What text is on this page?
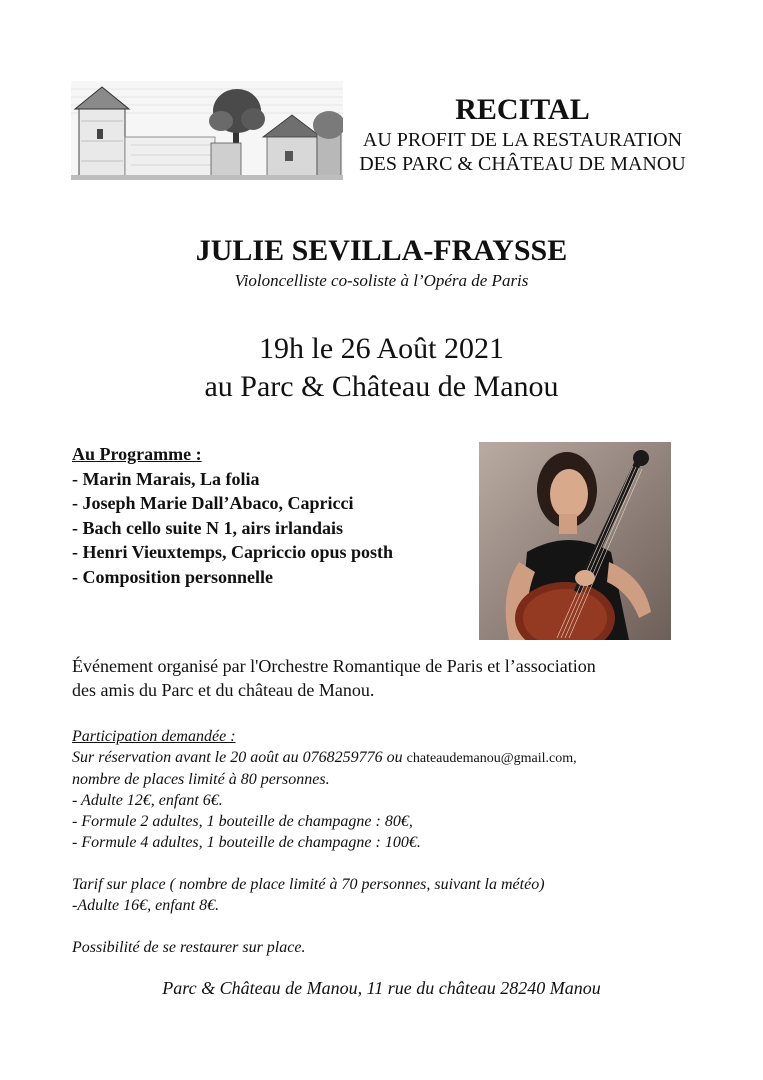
RECITAL
AU PROFIT DE LA RESTAURATION
DES PARC & CHÂTEAU DE MANOU
JULIE SEVILLA-FRAYSSE
Violoncelliste co-soliste à l’Opéra de Paris
19h le 26 Août 2021
au Parc & Château de Manou
Au Programme :
- Marin Marais, La folia
- Joseph Marie Dall’Abaco, Capricci
- Bach cello suite N 1, airs irlandais
- Henri Vieuxtemps, Capriccio opus posth
- Composition personnelle
Événement organisé par l'Orchestre Romantique de Paris et l’association
des amis du Parc et du château de Manou.
Participation demandée :
Sur réservation avant le 20 août au 0768259776 ou chateaudemanou@gmail.com,
nombre de places limité à 80 personnes.
- Adulte 12€, enfant 6€.
- Formule 2 adultes, 1 bouteille de champagne : 80€,
- Formule 4 adultes, 1 bouteille de champagne : 100€.
Tarif sur place ( nombre de place limité à 70 personnes, suivant la météo)
-Adulte 16€, enfant 8€.
Possibilité de se restaurer sur place.
Parc & Château de Manou, 11 rue du château 28240 Manou
